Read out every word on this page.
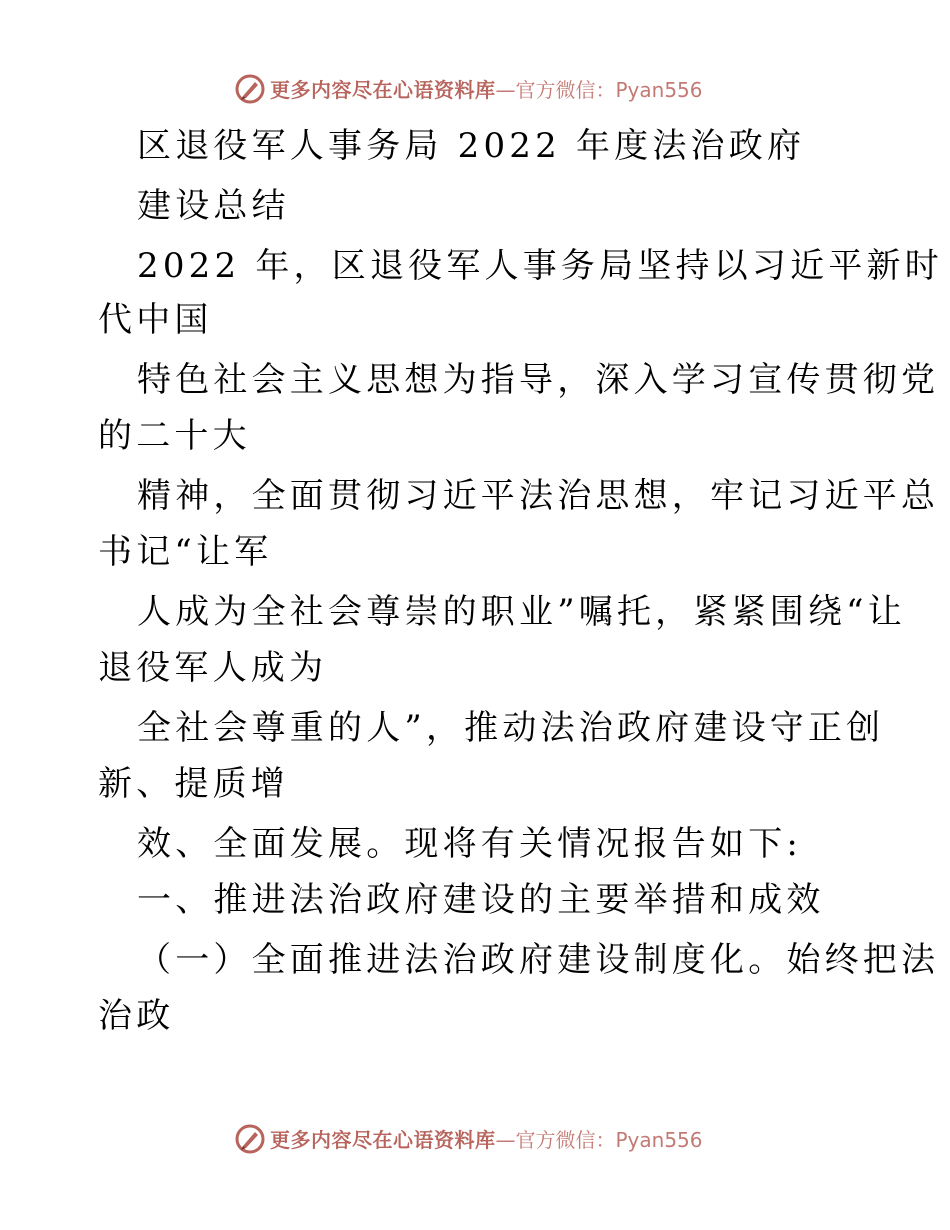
更多内容尽在心语资料库—官方微信：Pyan556
区退役军人事务局 2022 年度法治政府
建设总结
2022 年，区退役军人事务局坚持以习近平新时
代中国
特色社会主义思想为指导，深入学习宣传贯彻党
的二十大
精神，全面贯彻习近平法治思想，牢记习近平总
书记“让军
人成为全社会尊崇的职业”嘱托，紧紧围绕“让
退役军人成为
全社会尊重的人”，推动法治政府建设守正创
新、提质增
效、全面发展。现将有关情况报告如下:
一、推进法治政府建设的主要举措和成效
（一）全面推进法治政府建设制度化。始终把法
治政
更多内容尽在心语资料库—官方微信：Pyan556
